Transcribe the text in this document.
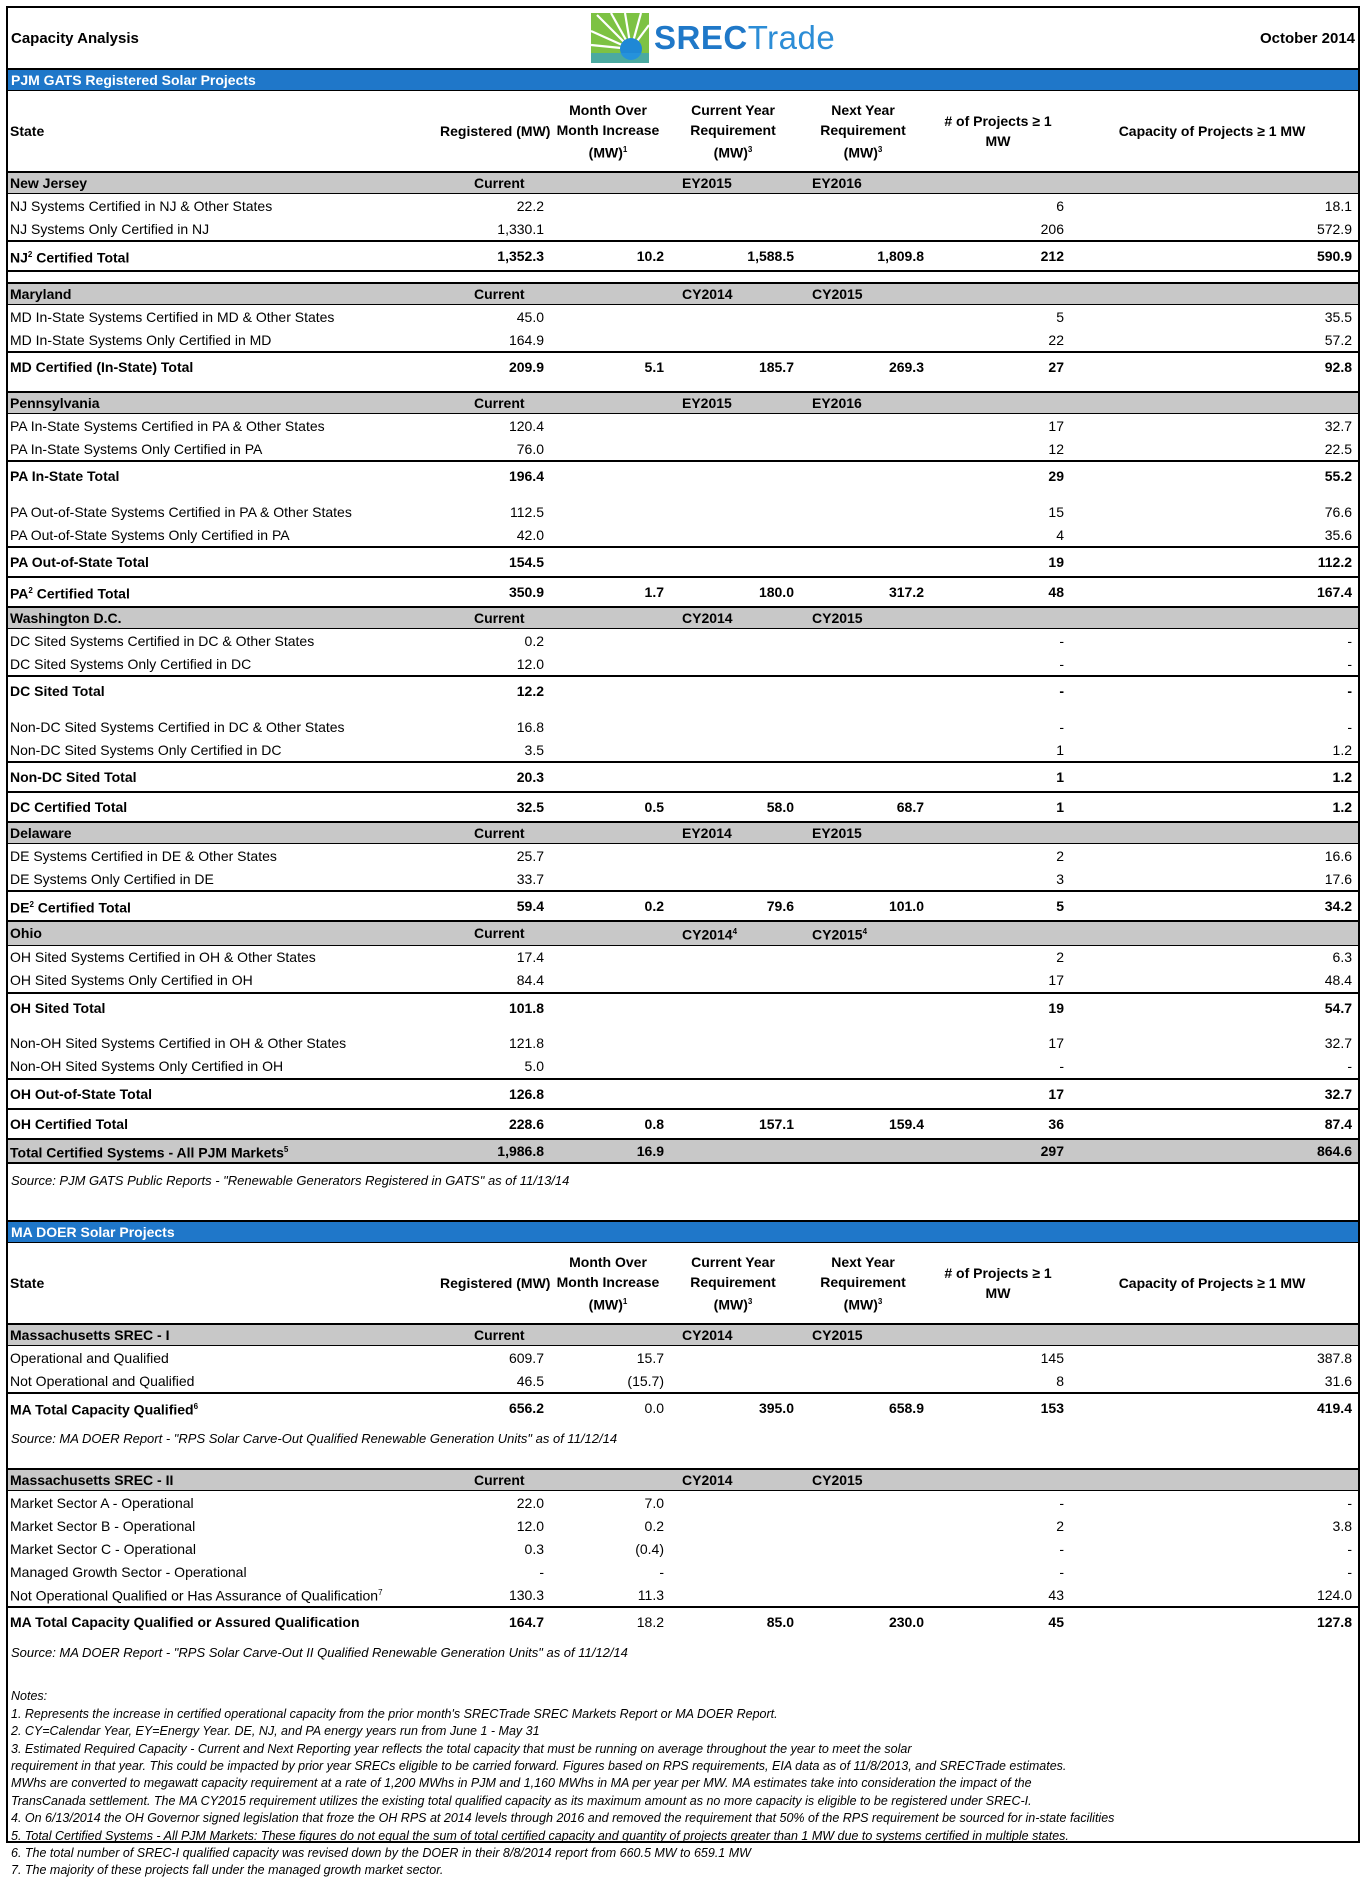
Capacity Analysis	SRECTrade	October 2014
PJM GATS Registered Solar Projects
State	Registered (MW)	Month Over Month Increase (MW)$^1$	Current Year Requirement (MW)$^3$	Next Year Requirement (MW)$^3$	# of Projects ≥ 1 MW	Capacity of Projects ≥ 1 MW
New Jersey	Current		EY2015	EY2016		
NJ Systems Certified in NJ & Other States	22.2				6	18.1
NJ Systems Only Certified in NJ	1,330.1				206	572.9
$NJ^2$ Certified Total	1,352.3	10.2	1,588.5	1,809.8	212	590.9

Maryland	Current		CY2014	CY2015		
MD In-State Systems Certified in MD & Other States	45.0				5	35.5
MD In-State Systems Only Certified in MD	164.9				22	57.2
MD Certified (In-State) Total	209.9	5.1	185.7	269.3	27	92.8

Pennsylvania	Current		EY2015	EY2016		
PA In-State Systems Certified in PA & Other States	120.4				17	32.7
PA In-State Systems Only Certified in PA	76.0				12	22.5
PA In-State Total	196.4				29	55.2

PA Out-of-State Systems Certified in PA & Other States	112.5				15	76.6
PA Out-of-State Systems Only Certified in PA	42.0				4	35.6
PA Out-of-State Total	154.5				19	112.2
$PA^2$ Certified Total	350.9	1.7	180.0	317.2	48	167.4
Washington D.C.	Current		CY2014	CY2015		
DC Sited Systems Certified in DC & Other States	0.2				-	-
DC Sited Systems Only Certified in DC	12.0				-	-
DC Sited Total	12.2				-	-

Non-DC Sited Systems Certified in DC & Other States	16.8				-	-
Non-DC Sited Systems Only Certified in DC	3.5				1	1.2
Non-DC Sited Total	20.3				1	1.2
DC Certified Total	32.5	0.5	58.0	68.7	1	1.2
Delaware	Current		EY2014	EY2015		
DE Systems Certified in DE & Other States	25.7				2	16.6
DE Systems Only Certified in DE	33.7				3	17.6
$DE^2$ Certified Total	59.4	0.2	79.6	101.0	5	34.2
Ohio	Current		CY2014$^4$	CY2015$^4$		
OH Sited Systems Certified in OH & Other States	17.4				2	6.3
OH Sited Systems Only Certified in OH	84.4				17	48.4
OH Sited Total	101.8				19	54.7

Non-OH Sited Systems Certified in OH & Other States	121.8				17	32.7
Non-OH Sited Systems Only Certified in OH	5.0				-	-
OH Out-of-State Total	126.8				17	32.7
OH Certified Total	228.6	0.8	157.1	159.4	36	87.4
Total Certified Systems - All PJM Markets$^5$	1,986.8	16.9			297	864.6
Source: PJM GATS Public Reports - "Renewable Generators Registered in GATS" as of 11/13/14
MA DOER Solar Projects
State	Registered (MW)	Month Over Month Increase (MW)$^1$	Current Year Requirement (MW)$^3$	Next Year Requirement (MW)$^3$	# of Projects ≥ 1 MW	Capacity of Projects ≥ 1 MW
Massachusetts SREC - I	Current		CY2014	CY2015		
Operational and Qualified	609.7	15.7			145	387.8
Not Operational and Qualified	46.5	(15.7)			8	31.6
MA Total Capacity Qualified$^6$	656.2	0.0	395.0	658.9	153	419.4
Source: MA DOER Report - "RPS Solar Carve-Out Qualified Renewable Generation Units" as of 11/12/14
Massachusetts SREC - II	Current		CY2014	CY2015		
Market Sector A - Operational	22.0	7.0			-	-
Market Sector B - Operational	12.0	0.2			2	3.8
Market Sector C - Operational	0.3	(0.4)			-	-
Managed Growth Sector - Operational	-	-			-	-
Not Operational Qualified or Has Assurance of Qualification$^7$	130.3	11.3			43	124.0
MA Total Capacity Qualified or Assured Qualification	164.7	18.2	85.0	230.0	45	127.8
Source: MA DOER Report - "RPS Solar Carve-Out II Qualified Renewable Generation Units" as of 11/12/14
Notes:
1. Represents the increase in certified operational capacity from the prior month's SRECTrade SREC Markets Report or MA DOER Report.
2. CY=Calendar Year, EY=Energy Year. DE, NJ, and PA energy years run from June 1 - May 31
3. Estimated Required Capacity - Current and Next Reporting year reflects the total capacity that must be running on average throughout the year to meet the solar
requirement in that year. This could be impacted by prior year SRECs eligible to be carried forward. Figures based on RPS requirements, EIA data as of 11/8/2013, and SRECTrade estimates.
MWhs are converted to megawatt capacity requirement at a rate of 1,200 MWhs in PJM and 1,160 MWhs in MA per year per MW. MA estimates take into consideration the impact of the
TransCanada settlement. The MA CY2015 requirement utilizes the existing total qualified capacity as its maximum amount as no more capacity is eligible to be registered under SREC-I.
4. On 6/13/2014 the OH Governor signed legislation that froze the OH RPS at 2014 levels through 2016 and removed the requirement that 50% of the RPS requirement be sourced for in-state facilities
5. Total Certified Systems - All PJM Markets: These figures do not equal the sum of total certified capacity and quantity of projects greater than 1 MW due to systems certified in multiple states.
6. The total number of SREC-I qualified capacity was revised down by the DOER in their 8/8/2014 report from 660.5 MW to 659.1 MW
7. The majority of these projects fall under the managed growth market sector.
